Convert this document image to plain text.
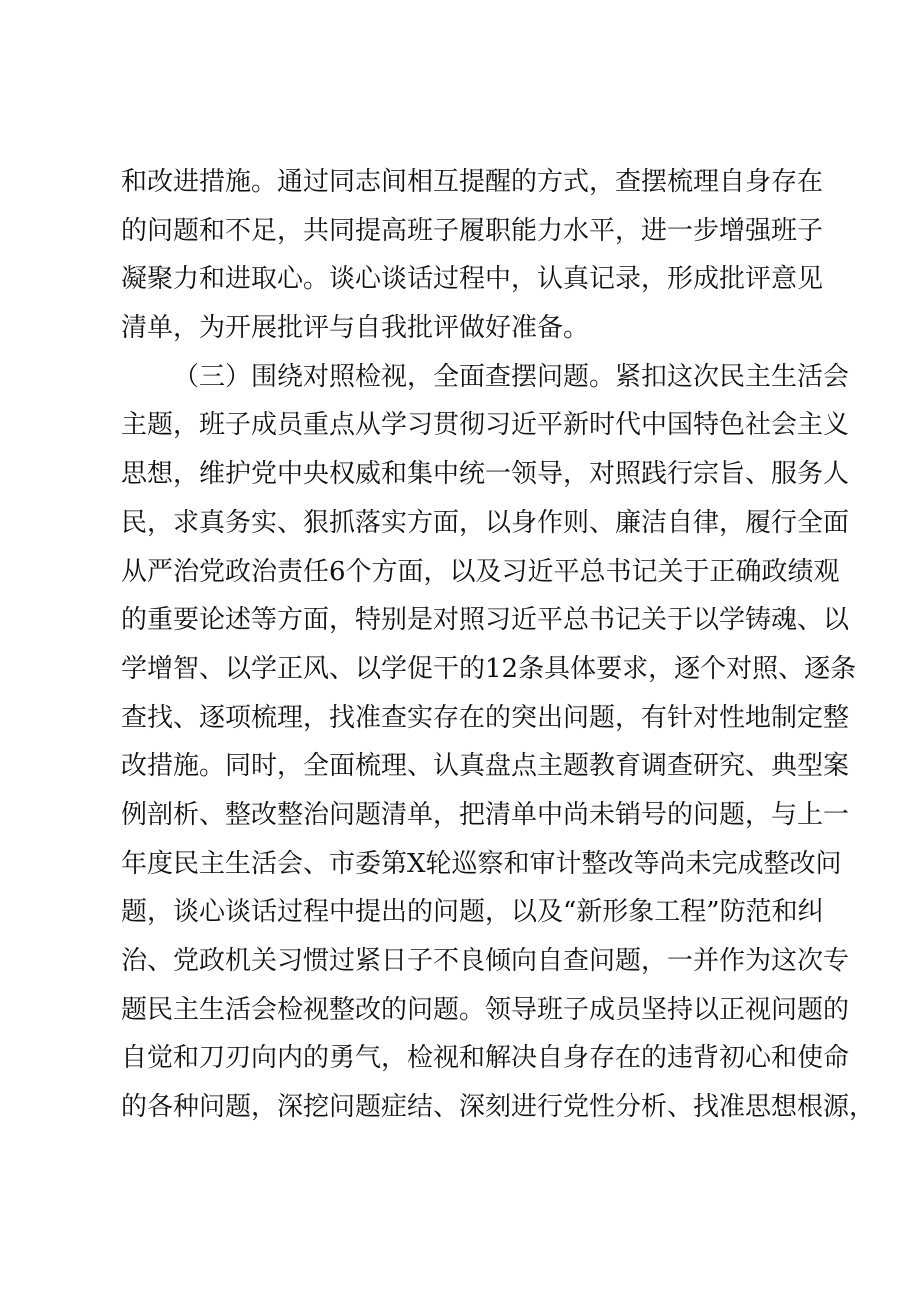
和改进措施。通过同志间相互提醒的方式，查摆梳理自身存在
的问题和不足，共同提高班子履职能力水平，进一步增强班子
凝聚力和进取心。谈心谈话过程中，认真记录，形成批评意见
清单，为开展批评与自我批评做好准备。
（三）围绕对照检视，全面查摆问题。紧扣这次民主生活会
主题，班子成员重点从学习贯彻习近平新时代中国特色社会主义
思想，维护党中央权威和集中统一领导，对照践行宗旨、服务人
民，求真务实、狠抓落实方面，以身作则、廉洁自律，履行全面
从严治党政治责任6个方面，以及习近平总书记关于正确政绩观
的重要论述等方面，特别是对照习近平总书记关于以学铸魂、以
学增智、以学正风、以学促干的12条具体要求，逐个对照、逐条
查找、逐项梳理，找准查实存在的突出问题，有针对性地制定整
改措施。同时，全面梳理、认真盘点主题教育调查研究、典型案
例剖析、整改整治问题清单，把清单中尚未销号的问题，与上一
年度民主生活会、市委第X轮巡察和审计整改等尚未完成整改问
题，谈心谈话过程中提出的问题，以及“新形象工程”防范和纠
治、党政机关习惯过紧日子不良倾向自查问题，一并作为这次专
题民主生活会检视整改的问题。领导班子成员坚持以正视问题的
自觉和刀刃向内的勇气，检视和解决自身存在的违背初心和使命
的各种问题，深挖问题症结、深刻进行党性分析、找准思想根源，
